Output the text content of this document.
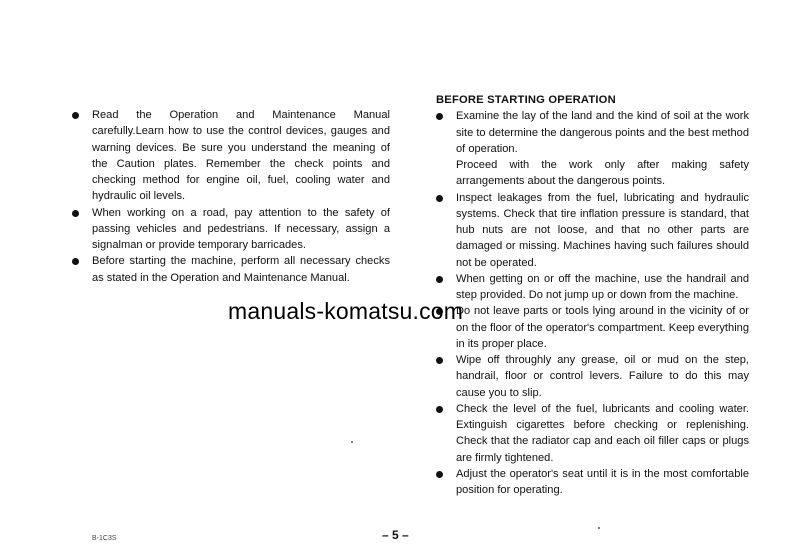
Read the Operation and Maintenance Manual carefully.Learn how to use the control devices, gauges and warning devices. Be sure you understand the meaning of the Caution plates. Remember the check points and checking method for engine oil, fuel, cooling water and hydraulic oil levels.

When working on a road, pay attention to the safety of passing vehicles and pedestrians. If necessary, assign a signalman or provide temporary barricades.

Before starting the machine, perform all necessary checks as stated in the Operation and Maintenance Manual.

BEFORE STARTING OPERATION

Examine the lay of the land and the kind of soil at the work site to determine the dangerous points and the best method of operation.

Proceed with the work only after making safety arrangements about the dangerous points.

Inspect leakages from the fuel, lubricating and hydraulic systems. Check that tire inflation pressure is standard, that hub nuts are not loose, and that no other parts are damaged or missing. Machines having such failures should not be operated.

When getting on or off the machine, use the handrail and step provided. Do not jump up or down from the machine.

Do not leave parts or tools lying around in the vicinity of or on the floor of the operator's compartment. Keep everything in its proper place.

Wipe off throughly any grease, oil or mud on the step, handrail, floor or control levers. Failure to do this may cause you to slip.

Check the level of the fuel, lubricants and cooling water. Extinguish cigarettes before checking or replenishing. Check that the radiator cap and each oil filler caps or plugs are firmly tightened.

Adjust the operator's seat until it is in the most comfortable position for operating.

manuals-komatsu.com
– 5 –
B-1C3S
